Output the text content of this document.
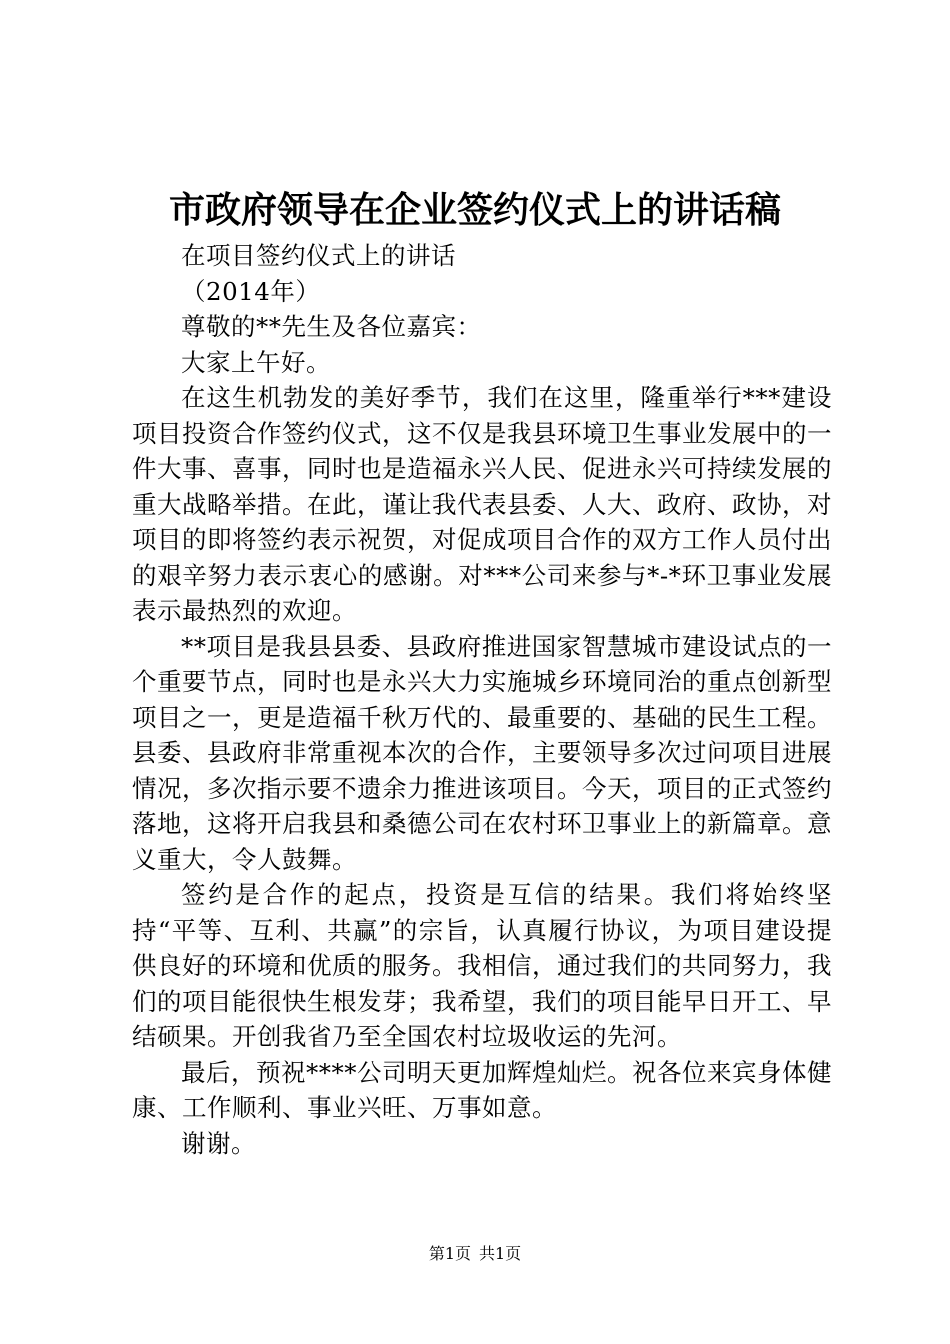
市政府领导在企业签约仪式上的讲话稿

在项目签约仪式上的讲话

（2014年）

尊敬的**先生及各位嘉宾：

大家上午好。

在这生机勃发的美好季节，我们在这里，隆重举行***建设项目投资合作签约仪式，这不仅是我县环境卫生事业发展中的一件大事、喜事，同时也是造福永兴人民、促进永兴可持续发展的重大战略举措。在此，谨让我代表县委、人大、政府、政协，对项目的即将签约表示祝贺，对促成项目合作的双方工作人员付出的艰辛努力表示衷心的感谢。对***公司来参与*-*环卫事业发展表示最热烈的欢迎。

**项目是我县县委、县政府推进国家智慧城市建设试点的一个重要节点，同时也是永兴大力实施城乡环境同治的重点创新型项目之一，更是造福千秋万代的、最重要的、基础的民生工程。县委、县政府非常重视本次的合作，主要领导多次过问项目进展情况，多次指示要不遗余力推进该项目。今天，项目的正式签约落地，这将开启我县和桑德公司在农村环卫事业上的新篇章。意义重大，令人鼓舞。

签约是合作的起点，投资是互信的结果。我们将始终坚持“平等、互利、共赢”的宗旨，认真履行协议，为项目建设提供良好的环境和优质的服务。我相信，通过我们的共同努力，我们的项目能很快生根发芽；我希望，我们的项目能早日开工、早结硕果。开创我省乃至全国农村垃圾收运的先河。

最后，预祝****公司明天更加辉煌灿烂。祝各位来宾身体健康、工作顺利、事业兴旺、万事如意。

谢谢。

第1页 共1页
